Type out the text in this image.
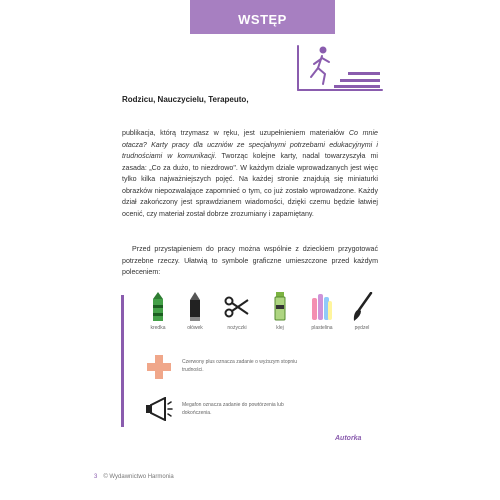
WSTĘP
Rodzicu, Nauczycielu, Terapeuto,
publikacja, którą trzymasz w ręku, jest uzupełnieniem materiałów Co mnie otacza? Karty pracy dla uczniów ze specjalnymi potrzebami edukacyjnymi i trudnościami w komunikacji. Tworząc kolejne karty, nadal towarzyszyła mi zasada: „Co za dużo, to niezdrowo". W każdym dziale wprowadzanych jest więc tylko kilka najważniejszych pojęć. Na każdej stronie znajdują się miniaturki obrazków niepozwalające zapomnieć o tym, co już zostało wprowadzone. Każdy dział zakończony jest sprawdzianem wiadomości, dzięki czemu będzie łatwiej ocenić, czy materiał został dobrze zrozumiany i zapamiętany.
Przed przystąpieniem do pracy można wspólnie z dzieckiem przygotować potrzebne rzeczy. Ułatwią to symbole graficzne umieszczone przed każdym poleceniem:
kredka	ołówek	nożyczki	klej	plastelina	pędzel
Czerwony plus oznacza zadanie o wyższym stopniu trudności.
Megafon oznacza zadanie do powtórzenia lub dokończenia.
Autorka
3 © Wydawnictwo Harmonia
